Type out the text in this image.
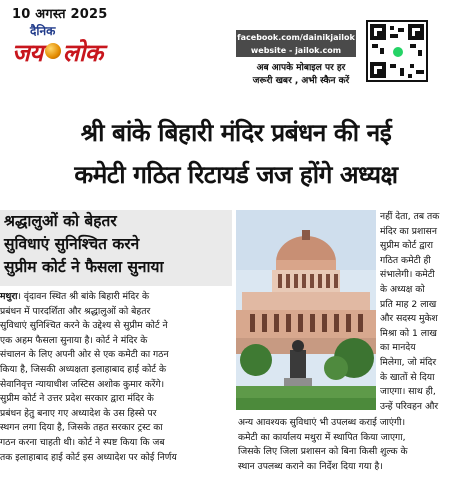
10 अगस्त 2025
दैनिक
जय लोक
facebook.com/dainikjailok
website - jailok.com
अब आपके मोबाइल पर हर
जरूरी खबर , अभी स्कैन करें
श्री बांके बिहारी मंदिर प्रबंधन की नई
कमेटी गठित रिटायर्ड जज होंगे अध्यक्ष
श्रद्धालुओं को बेहतर
सुविधाएं सुनिश्चित करने
सुप्रीम कोर्ट ने फैसला सुनाया
नहीं देता, तब तक
मंदिर का प्रशासन
सुप्रीम कोर्ट द्वारा
गठित कमेटी ही
संभालेगी। कमेटी
के अध्यक्ष को
प्रति माह 2 लाख
और सदस्य मुकेश
मिश्रा को 1 लाख
का मानदेय
मिलेगा, जो मंदिर
के खातों से दिया
जाएगा। साथ ही,
उन्हें परिवहन और
मथुरा। वृंदावन स्थित श्री बांके बिहारी मंदिर के
प्रबंधन में पारदर्शिता और श्रद्धालुओं को बेहतर
सुविधाएं सुनिश्चित करने के उद्देश्य से सुप्रीम कोर्ट ने
एक अहम फैसला सुनाया है। कोर्ट ने मंदिर के
संचालन के लिए अपनी ओर से एक कमेटी का गठन
किया है, जिसकी अध्यक्षता इलाहाबाद हाई कोर्ट के
सेवानिवृत्त न्यायाधीश जस्टिस अशोक कुमार करेंगे।
सुप्रीम कोर्ट ने उत्तर प्रदेश सरकार द्वारा मंदिर के
प्रबंधन हेतु बनाए गए अध्यादेश के उस हिस्से पर
स्थगन लगा दिया है, जिसके तहत सरकार ट्रस्ट का
गठन करना चाहती थी। कोर्ट ने स्पष्ट किया कि जब
तक इलाहाबाद हाई कोर्ट इस अध्यादेश पर कोई निर्णय
अन्य आवश्यक सुविधाएं भी उपलब्ध कराई जाएंगी।
कमेटी का कार्यालय मथुरा में स्थापित किया जाएगा,
जिसके लिए जिला प्रशासन को बिना किसी शुल्क के
स्थान उपलब्ध कराने का निर्देश दिया गया है।
